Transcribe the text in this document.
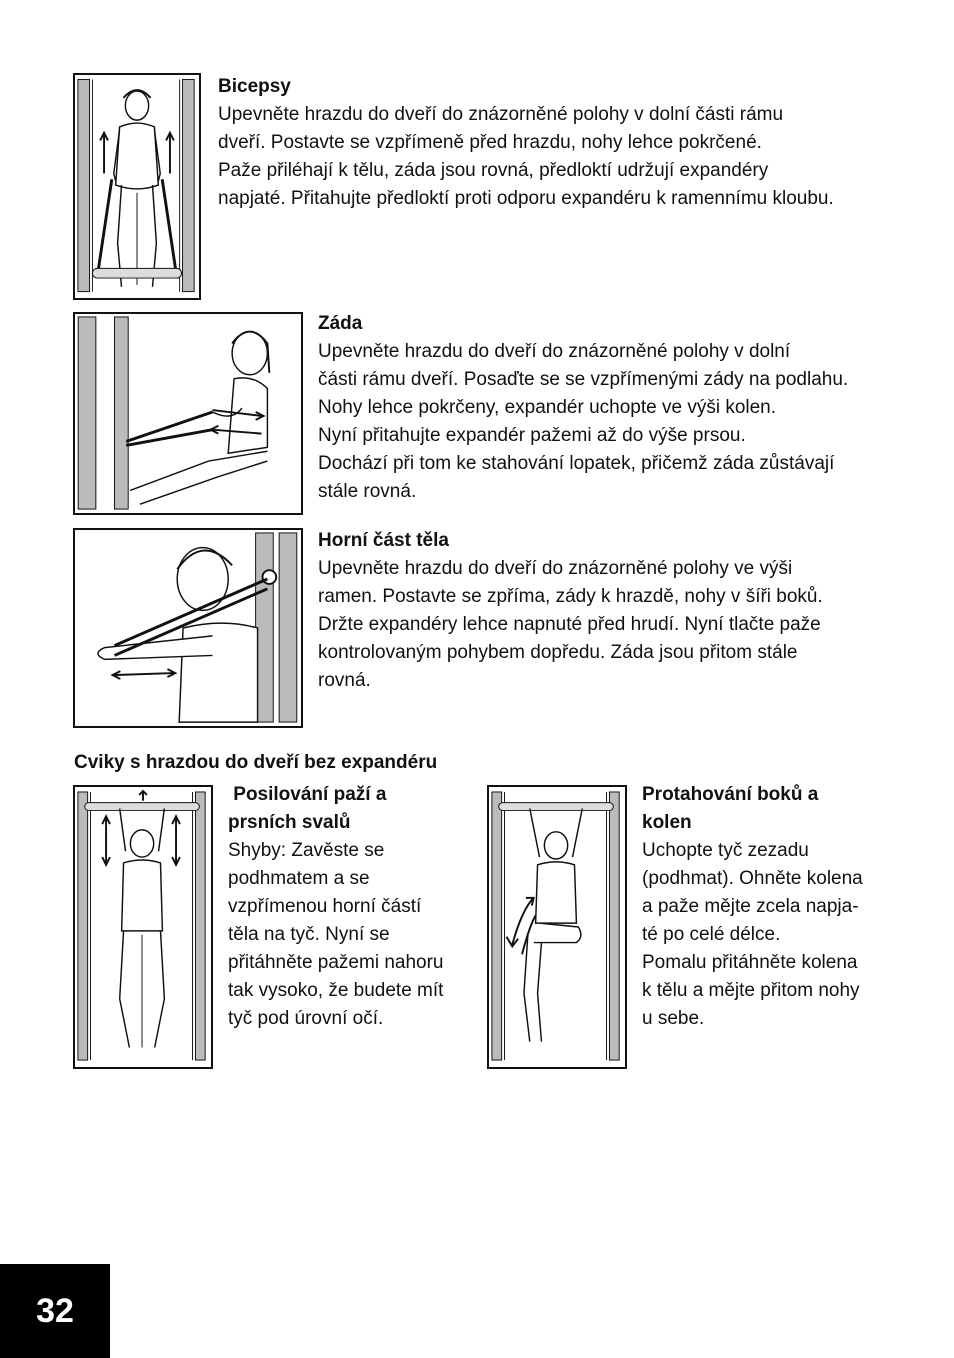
Bicepsy

Upevněte hrazdu do dveří do znázorněné polohy v dolní části rámu

dveří. Postavte se vzpřímeně před hrazdu, nohy lehce pokrčené.

Paže přiléhají k tělu, záda jsou rovná, předloktí udržují expandéry

napjaté. Přitahujte předloktí proti odporu expandéru k ramennímu kloubu.

Záda

Upevněte hrazdu do dveří do znázorněné polohy v dolní

části rámu dveří. Posaďte se se vzpřímenými zády na podlahu.

Nohy lehce pokrčeny, expandér uchopte ve výši kolen.

Nyní přitahujte expandér pažemi až do výše prsou.

Dochází při tom ke stahování lopatek, přičemž záda zůstávají

stále rovná.

Horní část těla

Upevněte hrazdu do dveří do znázorněné polohy ve výši

ramen. Postavte se zpříma, zády k hrazdě, nohy v šíři boků.

Držte expandéry lehce napnuté před hrudí. Nyní tlačte paže

kontrolovaným pohybem dopředu. Záda jsou přitom stále

rovná.

Cviky s hrazdou do dveří bez expandéru
Posilování paží a
prsních svalů

Shyby: Zavěste se

podhmatem a se

vzpřímenou horní částí

těla na tyč. Nyní se

přitáhněte pažemi nahoru

tak vysoko, že budete mít

tyč pod úrovní očí.

Protahování boků a
kolen

Uchopte tyč zezadu

(podhmat). Ohněte kolena

a paže mějte zcela napja-

té po celé délce.

Pomalu přitáhněte kolena

k tělu a mějte přitom nohy

u sebe.

32
